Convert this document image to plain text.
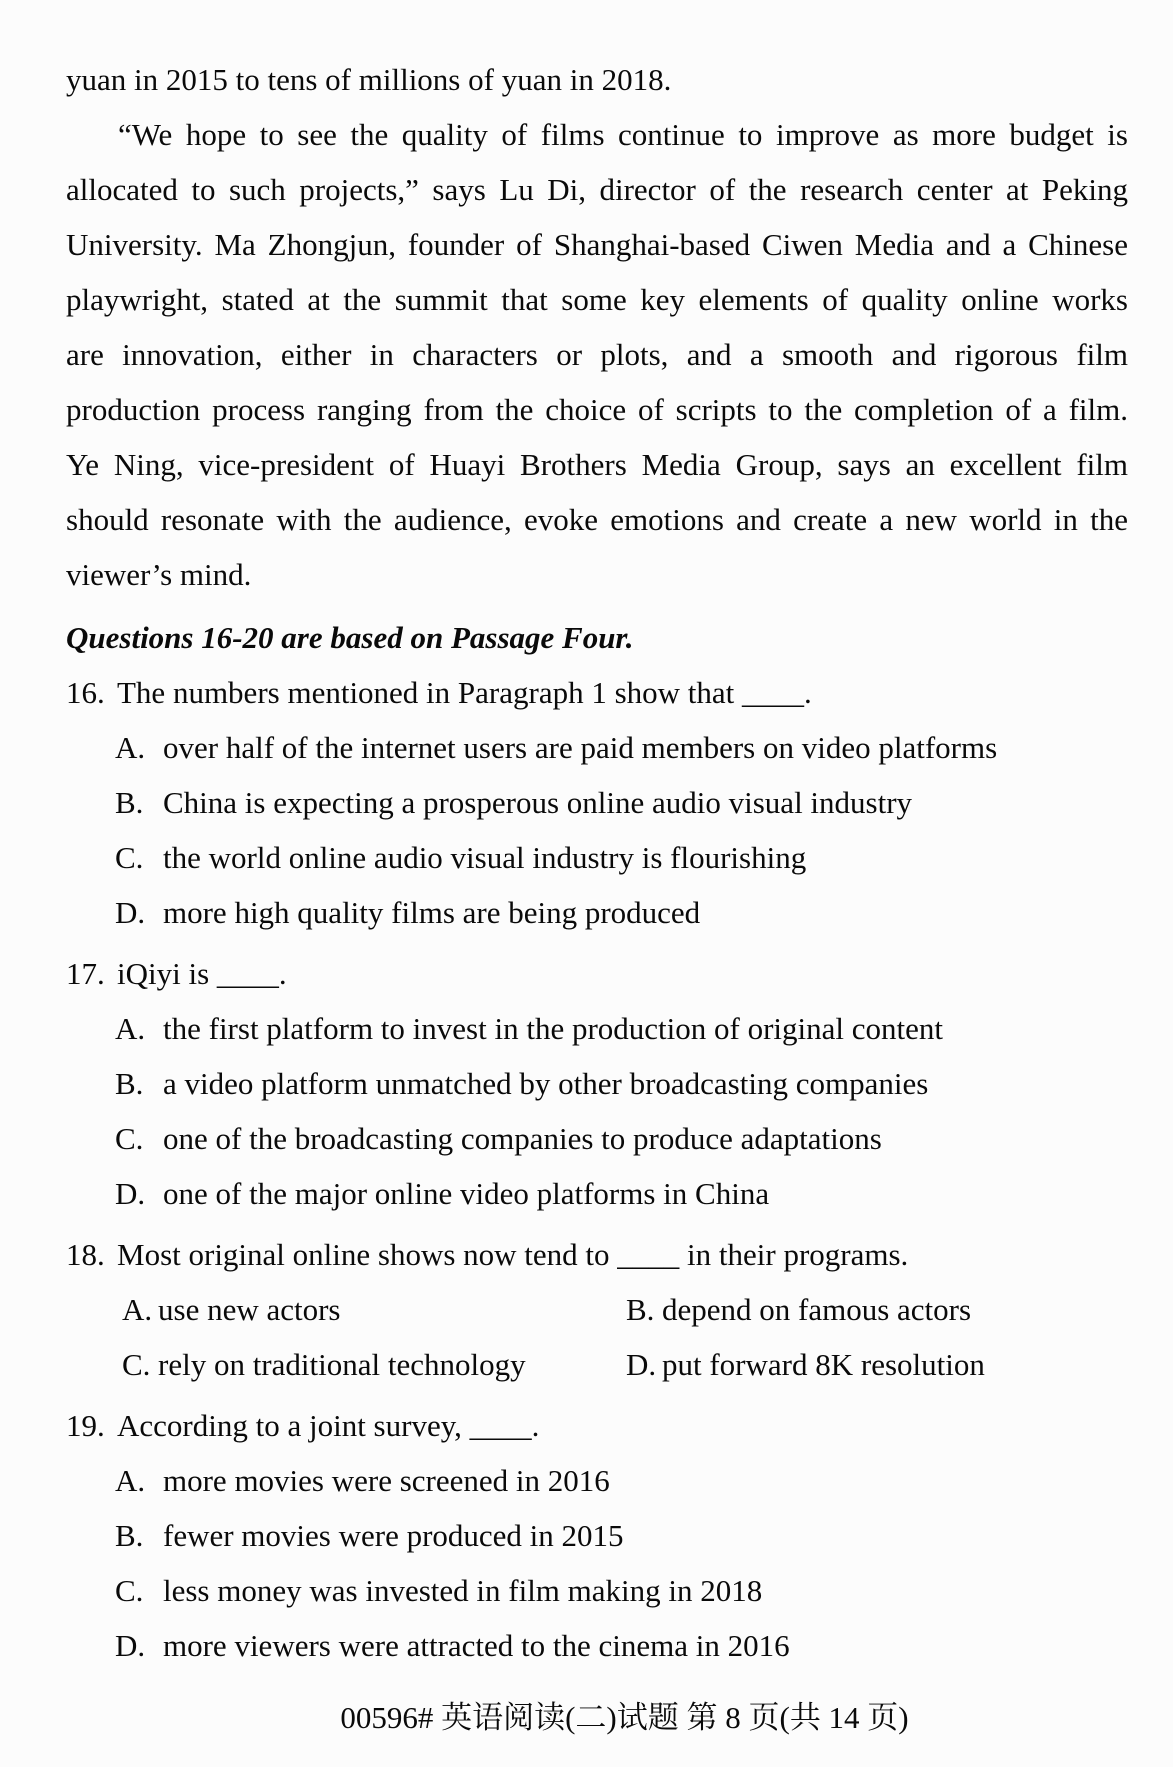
yuan in 2015 to tens of millions of yuan in 2018.
“We hope to see the quality of films continue to improve as more budget is
allocated to such projects,” says Lu Di, director of the research center at Peking
University. Ma Zhongjun, founder of Shanghai-based Ciwen Media and a Chinese
playwright, stated at the summit that some key elements of quality online works
are innovation, either in characters or plots, and a smooth and rigorous film
production process ranging from the choice of scripts to the completion of a film.
Ye Ning, vice-president of Huayi Brothers Media Group, says an excellent film
should resonate with the audience, evoke emotions and create a new world in the
viewer’s mind.
Questions 16-20 are based on Passage Four.
16. The numbers mentioned in Paragraph 1 show that ____.
A. over half of the internet users are paid members on video platforms
B. China is expecting a prosperous online audio visual industry
C. the world online audio visual industry is flourishing
D. more high quality films are being produced
17. iQiyi is ____.
A. the first platform to invest in the production of original content
B. a video platform unmatched by other broadcasting companies
C. one of the broadcasting companies to produce adaptations
D. one of the major online video platforms in China
18. Most original online shows now tend to ____ in their programs.
A. use new actors	B. depend on famous actors
C. rely on traditional technology	D. put forward 8K resolution
19. According to a joint survey, ____.
A. more movies were screened in 2016
B. fewer movies were produced in 2015
C. less money was invested in film making in 2018
D. more viewers were attracted to the cinema in 2016
00596# 英语阅读(二)试题 第 8 页(共 14 页)
